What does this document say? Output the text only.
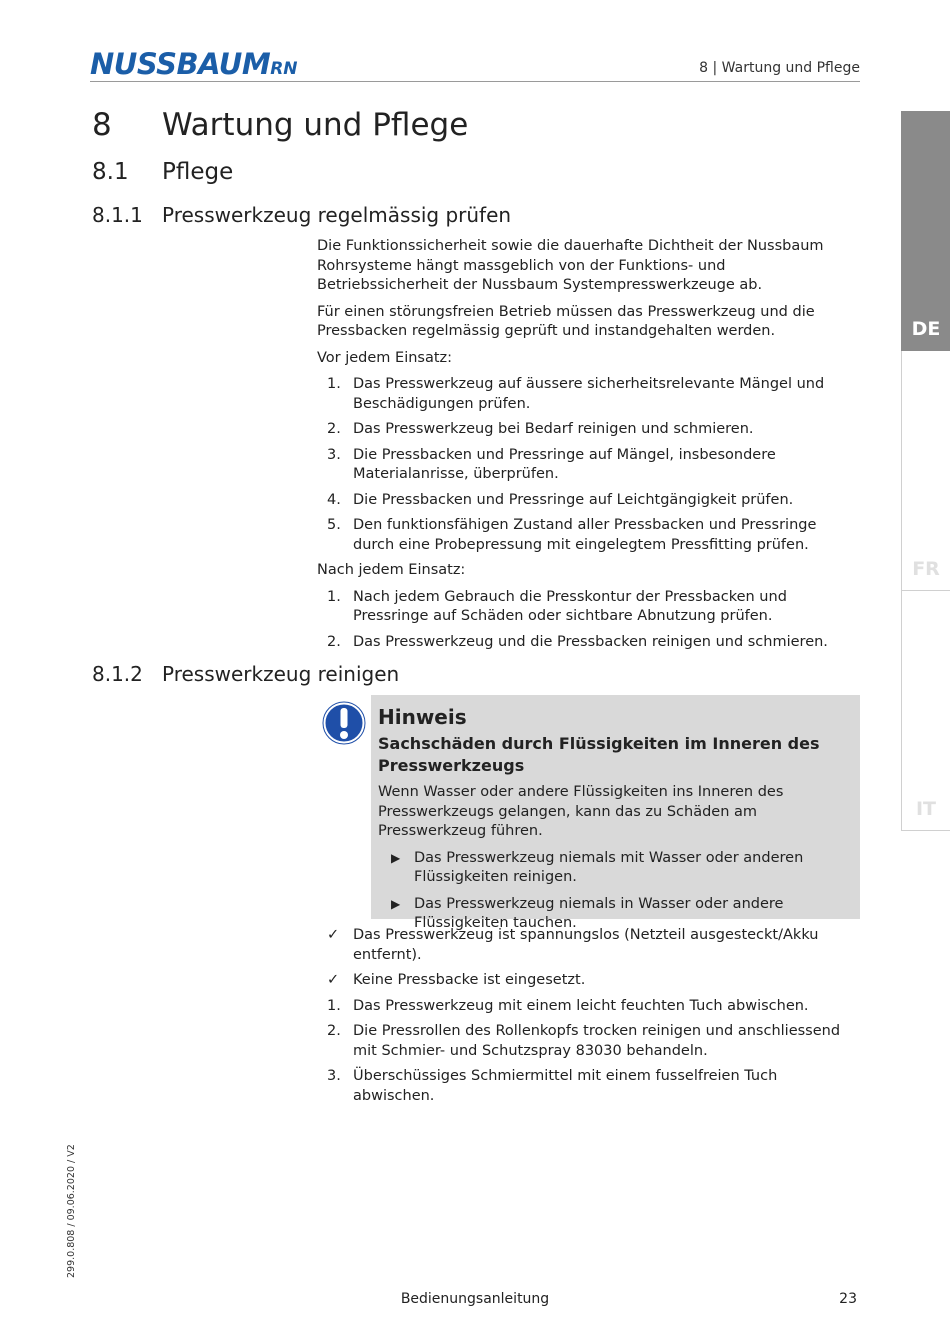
NUSSBAUMRN	8 | Wartung und Pflege
8 Wartung und Pflege
8.1 Pflege
8.1.1 Presswerkzeug regelmässig prüfen

Die Funktionssicherheit sowie die dauerhafte Dichtheit der Nussbaum Rohrsysteme hängt massgeblich von der Funktions- und Betriebssicherheit der Nussbaum Systempresswerkzeuge ab.

Für einen störungsfreien Betrieb müssen das Presswerkzeug und die Pressbacken regelmässig geprüft und instandgehalten werden.

Vor jedem Einsatz:

1. Das Presswerkzeug auf äussere sicherheitsrelevante Mängel und Beschädigungen prüfen.
2. Das Presswerkzeug bei Bedarf reinigen und schmieren.
3. Die Pressbacken und Pressringe auf Mängel, insbesondere Materialanrisse, überprüfen.
4. Die Pressbacken und Pressringe auf Leichtgängigkeit prüfen.
5. Den funktionsfähigen Zustand aller Pressbacken und Pressringe durch eine Probepressung mit eingelegtem Pressfitting prüfen.

Nach jedem Einsatz:

1. Nach jedem Gebrauch die Presskontur der Pressbacken und Pressringe auf Schäden oder sichtbare Abnutzung prüfen.
2. Das Presswerkzeug und die Pressbacken reinigen und schmieren.
8.1.2 Presswerkzeug reinigen
Hinweis
Sachschäden durch Flüssigkeiten im Inneren des Presswerkzeugs

Wenn Wasser oder andere Flüssigkeiten ins Inneren des Presswerkzeugs gelangen, kann das zu Schäden am Presswerkzeug führen.

▶ Das Presswerkzeug niemals mit Wasser oder anderen Flüssigkeiten reinigen.
▶ Das Presswerkzeug niemals in Wasser oder andere Flüssigkeiten tauchen.
✓ Das Presswerkzeug ist spannungslos (Netzteil ausgesteckt/Akku entfernt).
✓ Keine Pressbacke ist eingesetzt.
1. Das Presswerkzeug mit einem leicht feuchten Tuch abwischen.
2. Die Pressrollen des Rollenkopfs trocken reinigen und anschliessend mit Schmier- und Schutzspray 83030 behandeln.
3. Überschüssiges Schmiermittel mit einem fusselfreien Tuch abwischen.
DE
FR
IT
299.0.808 / 09.06.2020 / V2
Bedienungsanleitung	23
